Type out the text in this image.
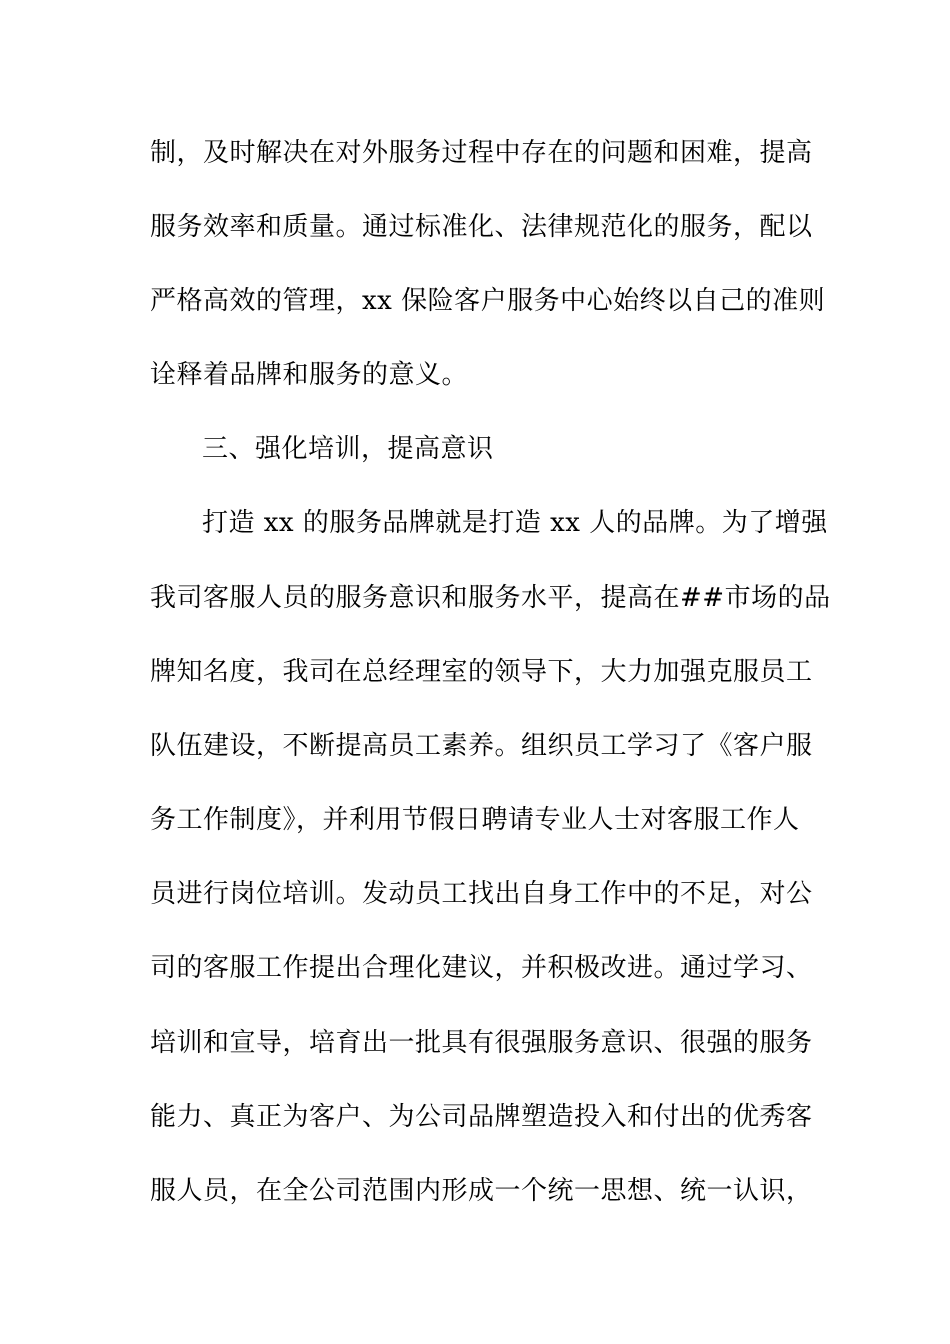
制，及时解决在对外服务过程中存在的问题和困难，提高
服务效率和质量。通过标准化、法律规范化的服务，配以
严格高效的管理，xx 保险客户服务中心始终以自己的准则
诠释着品牌和服务的意义。
三、强化培训，提高意识
打造 xx 的服务品牌就是打造 xx 人的品牌。为了增强
我司客服人员的服务意识和服务水平，提高在##市场的品
牌知名度，我司在总经理室的领导下，大力加强克服员工
队伍建设，不断提高员工素养。组织员工学习了《客户服
务工作制度》，并利用节假日聘请专业人士对客服工作人
员进行岗位培训。发动员工找出自身工作中的不足，对公
司的客服工作提出合理化建议，并积极改进。通过学习、
培训和宣导，培育出一批具有很强服务意识、很强的服务
能力、真正为客户、为公司品牌塑造投入和付出的优秀客
服人员，在全公司范围内形成一个统一思想、统一认识，
